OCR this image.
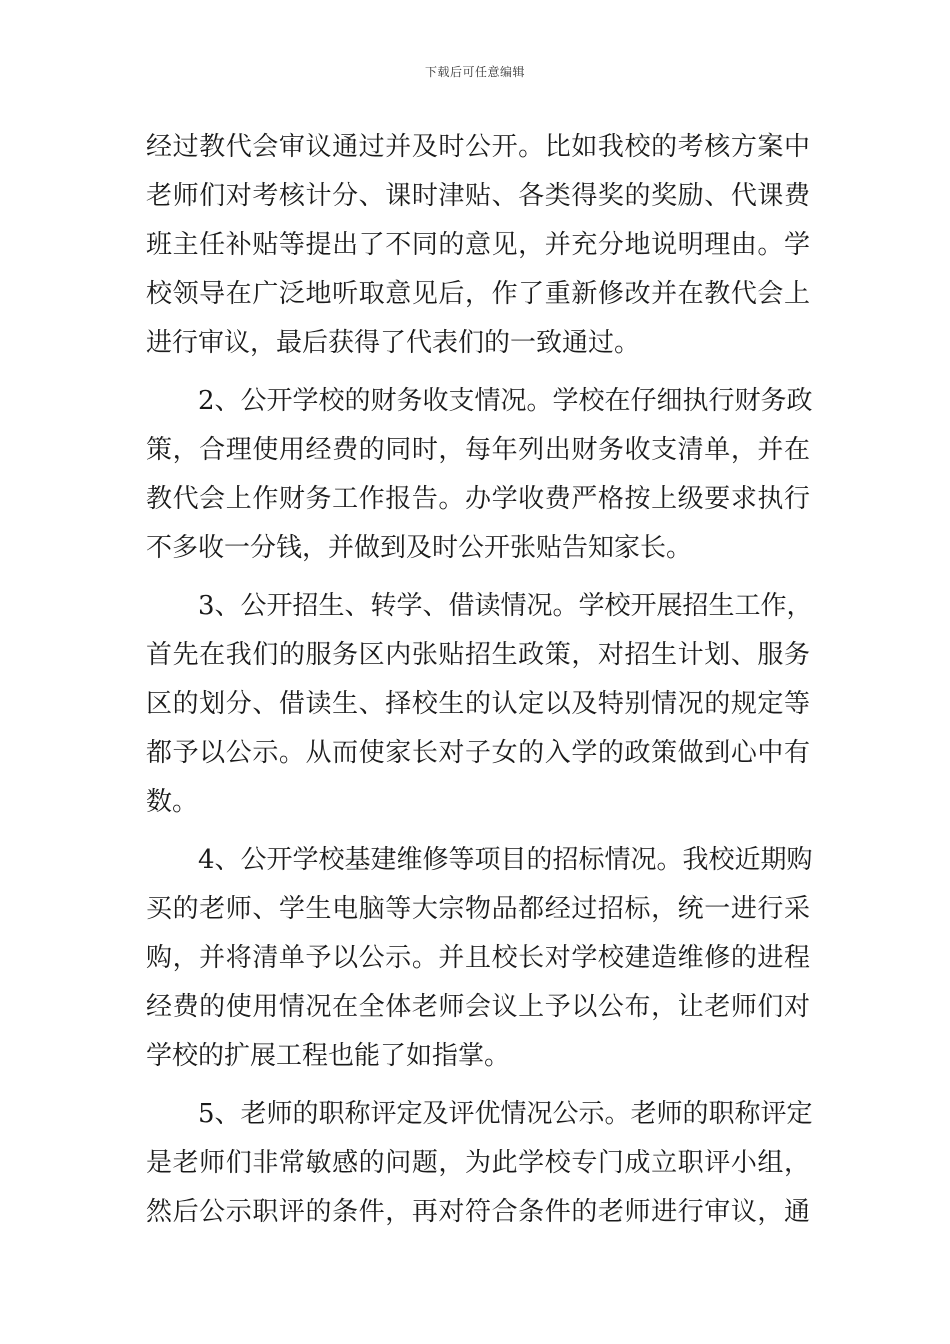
下载后可任意编辑
经过教代会审议通过并及时公开。比如我校的考核方案中
老师们对考核计分、课时津贴、各类得奖的奖励、代课费
班主任补贴等提出了不同的意见，并充分地说明理由。学
校领导在广泛地听取意见后，作了重新修改并在教代会上
进行审议，最后获得了代表们的一致通过。
2、公开学校的财务收支情况。学校在仔细执行财务政
策，合理使用经费的同时，每年列出财务收支清单，并在
教代会上作财务工作报告。办学收费严格按上级要求执行
不多收一分钱，并做到及时公开张贴告知家长。
3、公开招生、转学、借读情况。学校开展招生工作，
首先在我们的服务区内张贴招生政策，对招生计划、服务
区的划分、借读生、择校生的认定以及特别情况的规定等
都予以公示。从而使家长对子女的入学的政策做到心中有
数。
4、公开学校基建维修等项目的招标情况。我校近期购
买的老师、学生电脑等大宗物品都经过招标，统一进行采
购，并将清单予以公示。并且校长对学校建造维修的进程
经费的使用情况在全体老师会议上予以公布，让老师们对
学校的扩展工程也能了如指掌。
5、老师的职称评定及评优情况公示。老师的职称评定
是老师们非常敏感的问题，为此学校专门成立职评小组，
然后公示职评的条件，再对符合条件的老师进行审议，通
